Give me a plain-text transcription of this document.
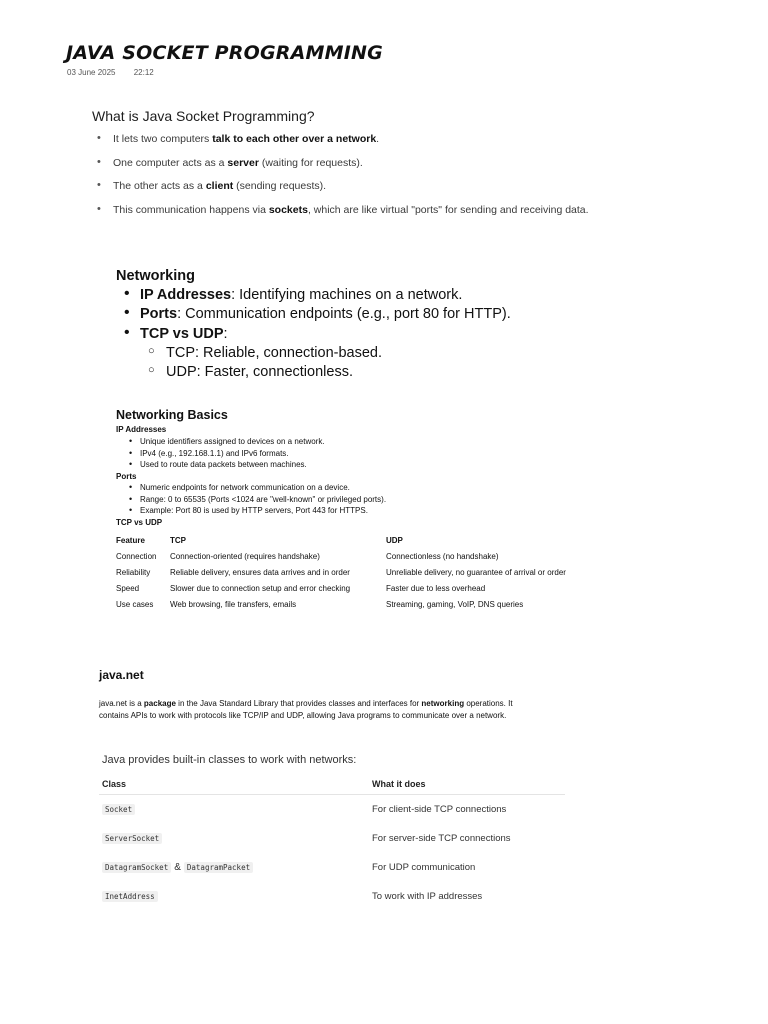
JAVA SOCKET PROGRAMMING
03 June 2025 22:12
What is Java Socket Programming?
• It lets two computers talk to each other over a network.
• One computer acts as a server (waiting for requests).
• The other acts as a client (sending requests).
• This communication happens via sockets, which are like virtual "ports" for sending and receiving data.
Networking
• IP Addresses: Identifying machines on a network.
• Ports: Communication endpoints (e.g., port 80 for HTTP).
• TCP vs UDP:
○ TCP: Reliable, connection-based.
○ UDP: Faster, connectionless.
Networking Basics
IP Addresses
• Unique identifiers assigned to devices on a network.
• IPv4 (e.g., 192.168.1.1) and IPv6 formats.
• Used to route data packets between machines.
Ports
• Numeric endpoints for network communication on a device.
• Range: 0 to 65535 (Ports <1024 are "well-known" or privileged ports).
• Example: Port 80 is used by HTTP servers, Port 443 for HTTPS.
TCP vs UDP
Feature	TCP	UDP
Connection	Connection-oriented (requires handshake)	Connectionless (no handshake)
Reliability	Reliable delivery, ensures data arrives and in order	Unreliable delivery, no guarantee of arrival or order
Speed	Slower due to connection setup and error checking	Faster due to less overhead
Use cases	Web browsing, file transfers, emails	Streaming, gaming, VoIP, DNS queries
java.net

java.net is a package in the Java Standard Library that provides classes and interfaces for networking operations. It contains APIs to work with protocols like TCP/IP and UDP, allowing Java programs to communicate over a network.

Java provides built-in classes to work with networks:
Class	What it does
Socket	For client-side TCP connections
ServerSocket	For server-side TCP connections
DatagramSocket & DatagramPacket	For UDP communication
InetAddress	To work with IP addresses
